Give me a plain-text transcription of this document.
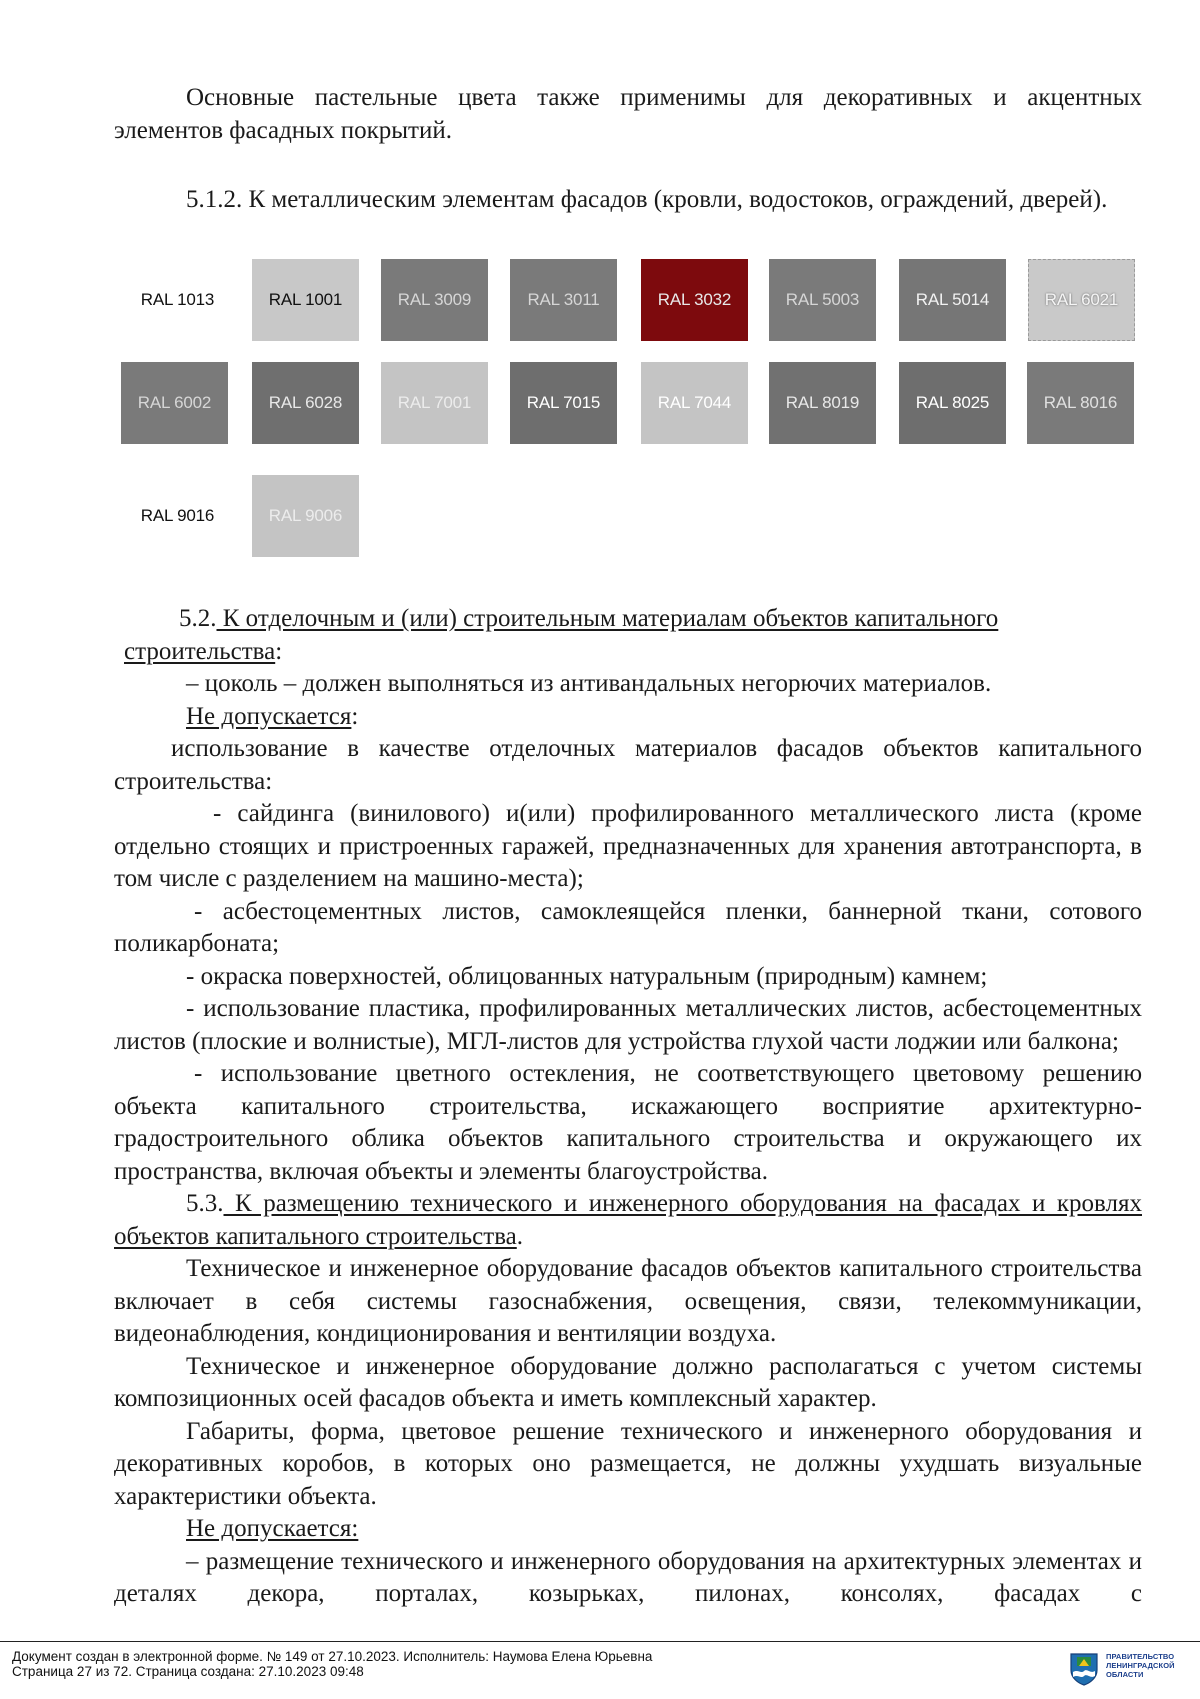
Основные пастельные цвета также применимы для декоративных и акцентных элементов фасадных покрытий.

5.1.2. К металлическим элементам фасадов (кровли, водостоков, ограждений, дверей).

RAL 1013	RAL 1001	RAL 3009	RAL 3011	RAL 3032	RAL 5003	RAL 5014	RAL 6021
RAL 6002	RAL 6028	RAL 7001	RAL 7015	RAL 7044	RAL 8019	RAL 8025	RAL 8016
RAL 9016	RAL 9006

5.2. К отделочным и (или) строительным материалам объектов капитального
строительства:

– цоколь – должен выполняться из антивандальных негорючих материалов.

Не допускается:

использование в качестве отделочных материалов фасадов объектов капитального строительства:

- сайдинга (винилового) и(или) профилированного металлического листа (кроме отдельно стоящих и пристроенных гаражей, предназначенных для хранения автотранспорта, в том числе с разделением на машино-места);

- асбестоцементных листов, самоклеящейся пленки, баннерной ткани, сотового поликарбоната;

- окраска поверхностей, облицованных натуральным (природным) камнем;

- использование пластика, профилированных металлических листов, асбестоцементных листов (плоские и волнистые), МГЛ-листов для устройства глухой части лоджии или балкона;

- использование цветного остекления, не соответствующего цветовому решению объекта капитального строительства, искажающего восприятие архитектурно-градостроительного облика объектов капитального строительства и окружающего их пространства, включая объекты и элементы благоустройства.

5.3. К размещению технического и инженерного оборудования на фасадах и кровлях объектов капитального строительства.

Техническое и инженерное оборудование фасадов объектов капитального строительства включает в себя системы газоснабжения, освещения, связи, телекоммуникации, видеонаблюдения, кондиционирования и вентиляции воздуха.

Техническое и инженерное оборудование должно располагаться с учетом системы композиционных осей фасадов объекта и иметь комплексный характер.

Габариты, форма, цветовое решение технического и инженерного оборудования и декоративных коробов, в которых оно размещается, не должны ухудшать визуальные характеристики объекта.

Не допускается:

– размещение технического и инженерного оборудования на архитектурных элементах и деталях декора, порталах, козырьках, пилонах, консолях, фасадах с

Документ создан в электронной форме. № 149 от 27.10.2023. Исполнитель: Наумова Елена Юрьевна
Страница 27 из 72. Страница создана: 27.10.2023 09:48
ПРАВИТЕЛЬСТВО
ЛЕНИНГРАДСКОЙ
ОБЛАСТИ
